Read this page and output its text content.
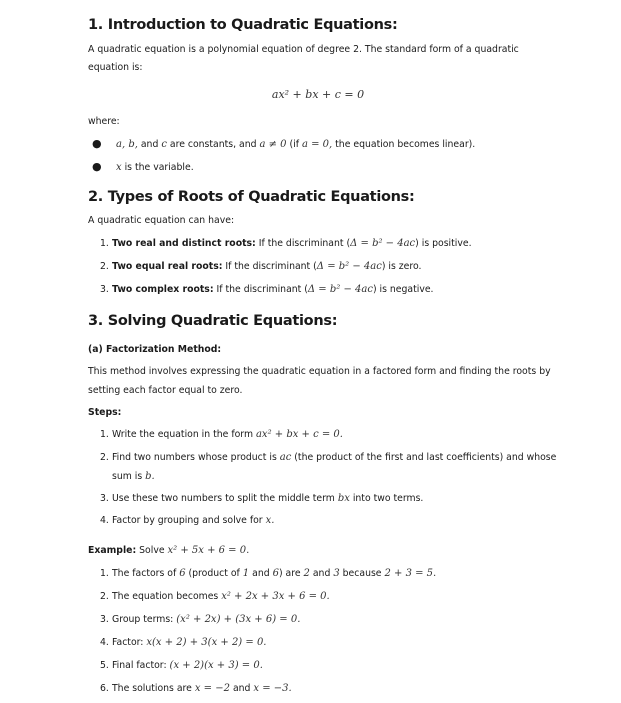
1. Introduction to Quadratic Equations:
A quadratic equation is a polynomial equation of degree 2. The standard form of a quadratic
equation is:
ax² + bx + c = 0
where:
● a, b, and c are constants, and a ≠ 0 (if a = 0, the equation becomes linear).
● x is the variable.
2. Types of Roots of Quadratic Equations:
A quadratic equation can have:
1. Two real and distinct roots: If the discriminant (Δ = b² − 4ac) is positive.
2. Two equal real roots: If the discriminant (Δ = b² − 4ac) is zero.
3. Two complex roots: If the discriminant (Δ = b² − 4ac) is negative.
3. Solving Quadratic Equations:
(a) Factorization Method:
This method involves expressing the quadratic equation in a factored form and finding the roots by
setting each factor equal to zero.
Steps:
1. Write the equation in the form ax² + bx + c = 0.
2. Find two numbers whose product is ac (the product of the first and last coefficients) and whose
sum is b.
3. Use these two numbers to split the middle term bx into two terms.
4. Factor by grouping and solve for x.
Example: Solve x² + 5x + 6 = 0.
1. The factors of 6 (product of 1 and 6) are 2 and 3 because 2 + 3 = 5.
2. The equation becomes x² + 2x + 3x + 6 = 0.
3. Group terms: (x² + 2x) + (3x + 6) = 0.
4. Factor: x(x + 2) + 3(x + 2) = 0.
5. Final factor: (x + 2)(x + 3) = 0.
6. The solutions are x = −2 and x = −3.
